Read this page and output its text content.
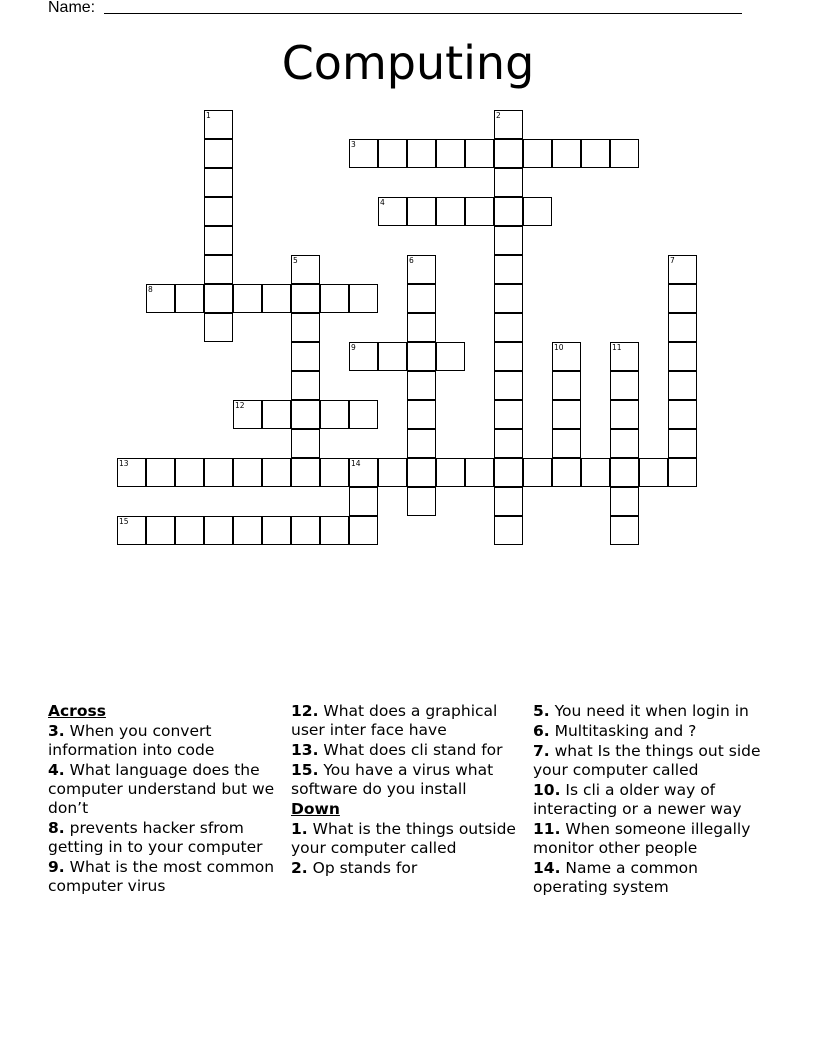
Name:
Computing
1	2
3
4
5	6	7
8
9	10	11
12
13	14
15
Across
3. When you convert information into code
4. What language does the computer understand but we don’t
8. prevents hacker sfrom getting in to your computer
9. What is the most common computer virus
12. What does a graphical user inter face have
13. What does cli stand for
15. You have a virus what software do you install
Down
1. What is the things outside your computer called
2. Op stands for
5. You need it when login in
6. Multitasking and ?
7. what Is the things out side your computer called
10. Is cli a older way of interacting or a newer way
11. When someone illegally monitor other people
14. Name a common operating system
